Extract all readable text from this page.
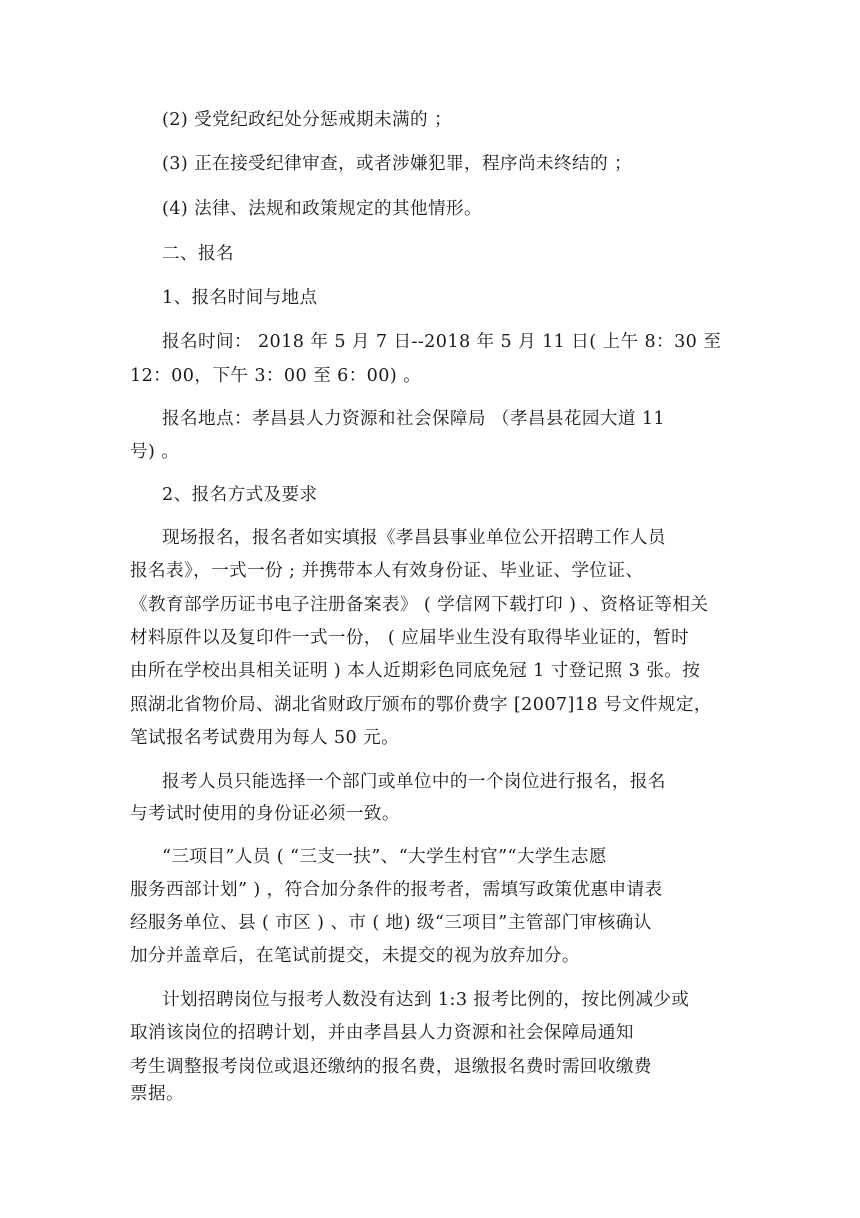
(2) 受党纪政纪处分惩戒期未满的 ；
(3) 正在接受纪律审查，或者涉嫌犯罪，程序尚未终结的 ；
(4) 法律、法规和政策规定的其他情形。
二、报名
1、报名时间与地点
报名时间： 2018 年 5 月 7 日--2018 年 5 月 11 日( 上午 8：30 至
12：00，下午 3：00 至 6：00) 。
报名地点：孝昌县人力资源和社会保障局 （孝昌县花园大道 11
号) 。
2、报名方式及要求
现场报名，报名者如实填报《孝昌县事业单位公开招聘工作人员
报名表》，一式一份 ; 并携带本人有效身份证、毕业证、学位证、
《教育部学历证书电子注册备案表》 ( 学信网下载打印 ) 、资格证等相关
材料原件以及复印件一式一份， ( 应届毕业生没有取得毕业证的，暂时
由所在学校出具相关证明 ) 本人近期彩色同底免冠 1 寸登记照 3 张。按
照湖北省物价局、湖北省财政厅颁布的鄂价费字 [2007]18 号文件规定，
笔试报名考试费用为每人 50 元。
报考人员只能选择一个部门或单位中的一个岗位进行报名，报名
与考试时使用的身份证必须一致。
“三项目”人员 ( “三支一扶”、“大学生村官”“大学生志愿
服务西部计划” ) ，符合加分条件的报考者，需填写政策优惠申请表
经服务单位、县 ( 市区 ) 、市 ( 地) 级“三项目”主管部门审核确认
加分并盖章后，在笔试前提交，未提交的视为放弃加分。
计划招聘岗位与报考人数没有达到 1:3 报考比例的，按比例减少或
取消该岗位的招聘计划，并由孝昌县人力资源和社会保障局通知
考生调整报考岗位或退还缴纳的报名费，退缴报名费时需回收缴费
票据。
